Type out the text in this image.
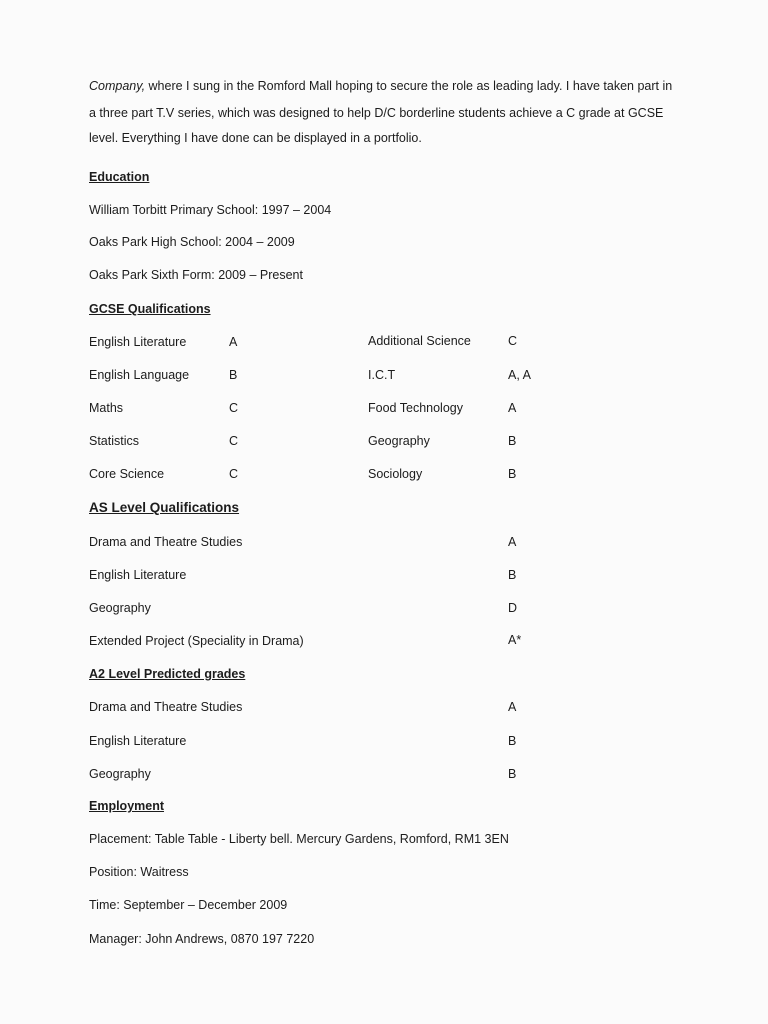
Company, where I sung in the Romford Mall hoping to secure the role as leading lady. I have taken part in
a three part T.V series, which was designed to help D/C borderline students achieve a C grade at GCSE
level. Everything I have done can be displayed in a portfolio.
Education
William Torbitt Primary School: 1997 – 2004
Oaks Park High School: 2004 – 2009
Oaks Park Sixth Form: 2009 – Present
GCSE Qualifications
English Literature	A	Additional Science	C
English Language	B	I.C.T	A, A
Maths	C	Food Technology	A
Statistics	C	Geography	B
Core Science	C	Sociology	B
AS Level Qualifications
Drama and Theatre Studies	A
English Literature	B
Geography	D
Extended Project (Speciality in Drama)	A*
A2 Level Predicted grades
Drama and Theatre Studies	A
English Literature	B
Geography	B
Employment
Placement: Table Table - Liberty bell. Mercury Gardens, Romford, RM1 3EN
Position: Waitress
Time: September – December 2009
Manager: John Andrews, 0870 197 7220
